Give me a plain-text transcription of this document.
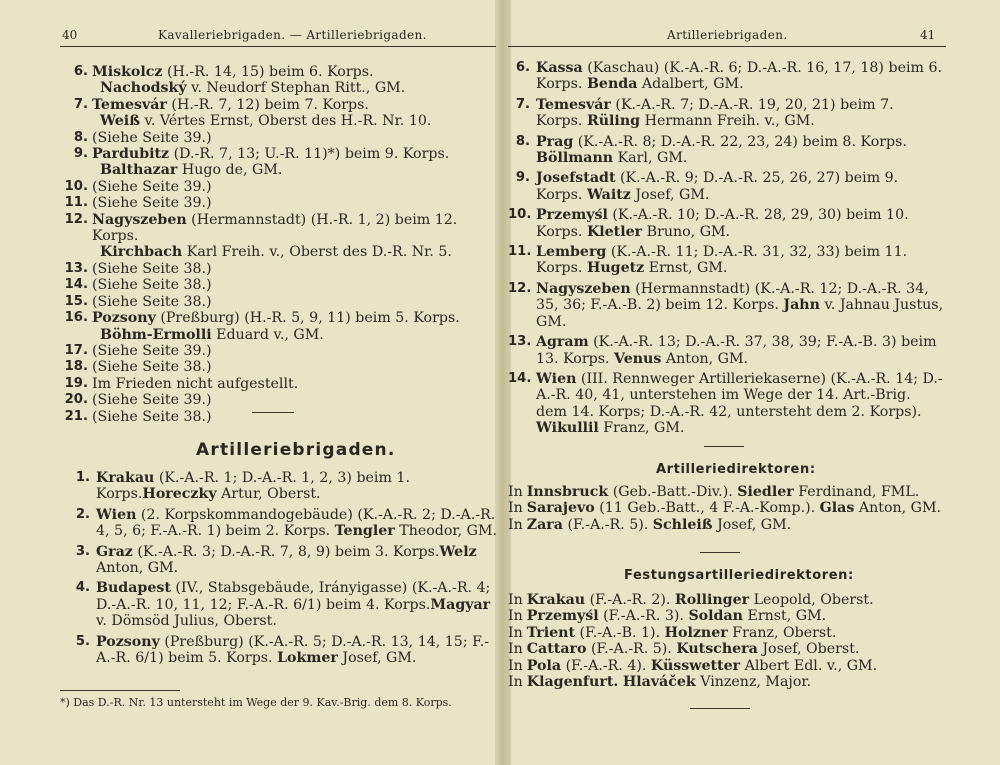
40	Kavalleriebrigaden. — Artilleriebrigaden.
6. Miskolcz (H.-R. 14, 15) beim 6. Korps.
Nachodský v. Neudorf Stephan Ritt., GM.
7. Temesvár (H.-R. 7, 12) beim 7. Korps.
Weiß v. Vértes Ernst, Oberst des H.-R. Nr. 10.
8. (Siehe Seite 39.)
9. Pardubitz (D.-R. 7, 13; U.-R. 11)*) beim 9. Korps.
Balthazar Hugo de, GM.
10. (Siehe Seite 39.)
11. (Siehe Seite 39.)
12. Nagyszeben (Hermannstadt) (H.-R. 1, 2) beim 12. Korps.
Kirchbach Karl Freih. v., Oberst des D.-R. Nr. 5.
13. (Siehe Seite 38.)
14. (Siehe Seite 38.)
15. (Siehe Seite 38.)
16. Pozsony (Preßburg) (H.-R. 5, 9, 11) beim 5. Korps.
Böhm-Ermolli Eduard v., GM.
17. (Siehe Seite 39.)
18. (Siehe Seite 38.)
19. Im Frieden nicht aufgestellt.
20. (Siehe Seite 39.)
21. (Siehe Seite 38.)
Artilleriebrigaden.
1. Krakau (K.-A.-R. 1; D.-A.-R. 1, 2, 3) beim 1. Korps.Horeczky Artur, Oberst.
2. Wien (2. Korpskommandogebäude) (K.-A.-R. 2; D.-A.-R. 4, 5, 6; F.-A.-R. 1) beim 2. Korps. Tengler Theodor, GM.
3. Graz (K.-A.-R. 3; D.-A.-R. 7, 8, 9) beim 3. Korps.Welz Anton, GM.
4. Budapest (IV., Stabsgebäude, Irányigasse) (K.-A.-R. 4; D.-A.-R. 10, 11, 12; F.-A.-R. 6/1) beim 4. Korps.Magyar v. Dömsöd Julius, Oberst.
5. Pozsony (Preßburg) (K.-A.-R. 5; D.-A.-R. 13, 14, 15; F.-A.-R. 6/1) beim 5. Korps. Lokmer Josef, GM.
*) Das D.-R. Nr. 13 untersteht im Wege der 9. Kav.-Brig. dem 8. Korps.
Artilleriebrigaden.	41
6. Kassa (Kaschau) (K.-A.-R. 6; D.-A.-R. 16, 17, 18) beim 6. Korps. Benda Adalbert, GM.
7. Temesvár (K.-A.-R. 7; D.-A.-R. 19, 20, 21) beim 7. Korps. Rüling Hermann Freih. v., GM.
8. Prag (K.-A.-R. 8; D.-A.-R. 22, 23, 24) beim 8. Korps. Böllmann Karl, GM.
9. Josefstadt (K.-A.-R. 9; D.-A.-R. 25, 26, 27) beim 9. Korps. Waitz Josef, GM.
10. Przemyśl (K.-A.-R. 10; D.-A.-R. 28, 29, 30) beim 10. Korps. Kletler Bruno, GM.
11. Lemberg (K.-A.-R. 11; D.-A.-R. 31, 32, 33) beim 11. Korps. Hugetz Ernst, GM.
12. Nagyszeben (Hermannstadt) (K.-A.-R. 12; D.-A.-R. 34, 35, 36; F.-A.-B. 2) beim 12. Korps. Jahn v. Jahnau Justus, GM.
13. Agram (K.-A.-R. 13; D.-A.-R. 37, 38, 39; F.-A.-B. 3) beim 13. Korps. Venus Anton, GM.
14. Wien (III. Rennweger Artilleriekaserne) (K.-A.-R. 14; D.-A.-R. 40, 41, unterstehen im Wege der 14. Art.-Brig. dem 14. Korps; D.-A.-R. 42, untersteht dem 2. Korps). Wikullil Franz, GM.
Artilleriedirektoren:
In Innsbruck (Geb.-Batt.-Div.). Siedler Ferdinand, FML.
In Sarajevo (11 Geb.-Batt., 4 F.-A.-Komp.). Glas Anton, GM.
In Zara (F.-A.-R. 5). Schleiß Josef, GM.
Festungsartilleriedirektoren:
In Krakau (F.-A.-R. 2). Rollinger Leopold, Oberst.
In Przemyśl (F.-A.-R. 3). Soldan Ernst, GM.
In Trient (F.-A.-B. 1). Holzner Franz, Oberst.
In Cattaro (F.-A.-R. 5). Kutschera Josef, Oberst.
In Pola (F.-A.-R. 4). Küsswetter Albert Edl. v., GM.
In Klagenfurt. Hlaváček Vinzenz, Major.
